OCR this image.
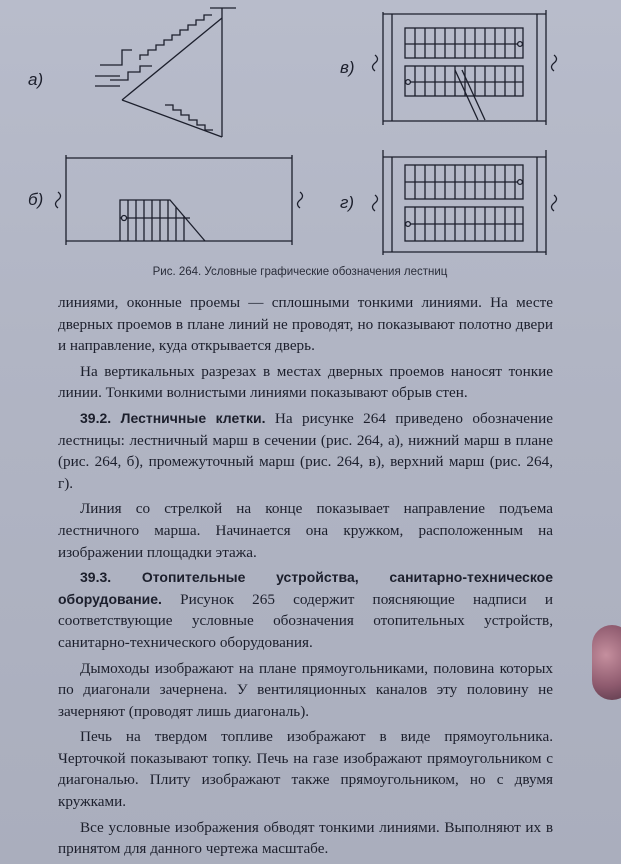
а)
б)
в)
г)
Рис. 264. Условные графические обозначения лестниц

линиями, оконные проемы — сплошными тонкими линиями. На месте дверных проемов в плане линий не проводят, но показывают полотно двери и направление, куда открывается дверь.

На вертикальных разрезах в местах дверных проемов наносят тонкие линии. Тонкими волнистыми линиями показывают обрыв стен.

39.2. Лестничные клетки. На рисунке 264 приведено обозначение лестницы: лестничный марш в сечении (рис. 264, а), нижний марш в плане (рис. 264, б), промежуточный марш (рис. 264, в), верхний марш (рис. 264, г).

Линия со стрелкой на конце показывает направление подъема лестничного марша. Начинается она кружком, расположенным на изображении площадки этажа.

39.3. Отопительные устройства, санитарно-техническое оборудование. Рисунок 265 содержит поясняющие надписи и соответствующие условные обозначения отопительных устройств, санитарно-технического оборудования.

Дымоходы изображают на плане прямоугольниками, половина которых по диагонали зачернена. У вентиляционных каналов эту половину не зачерняют (проводят лишь диагональ).

Печь на твердом топливе изображают в виде прямоугольника. Черточкой показывают топку. Печь на газе изображают прямоугольником с диагональю. Плиту изображают также прямоугольником, но с двумя кружками.

Все условные изображения обводят тонкими линиями. Выполняют их в принятом для данного чертежа масштабе.
